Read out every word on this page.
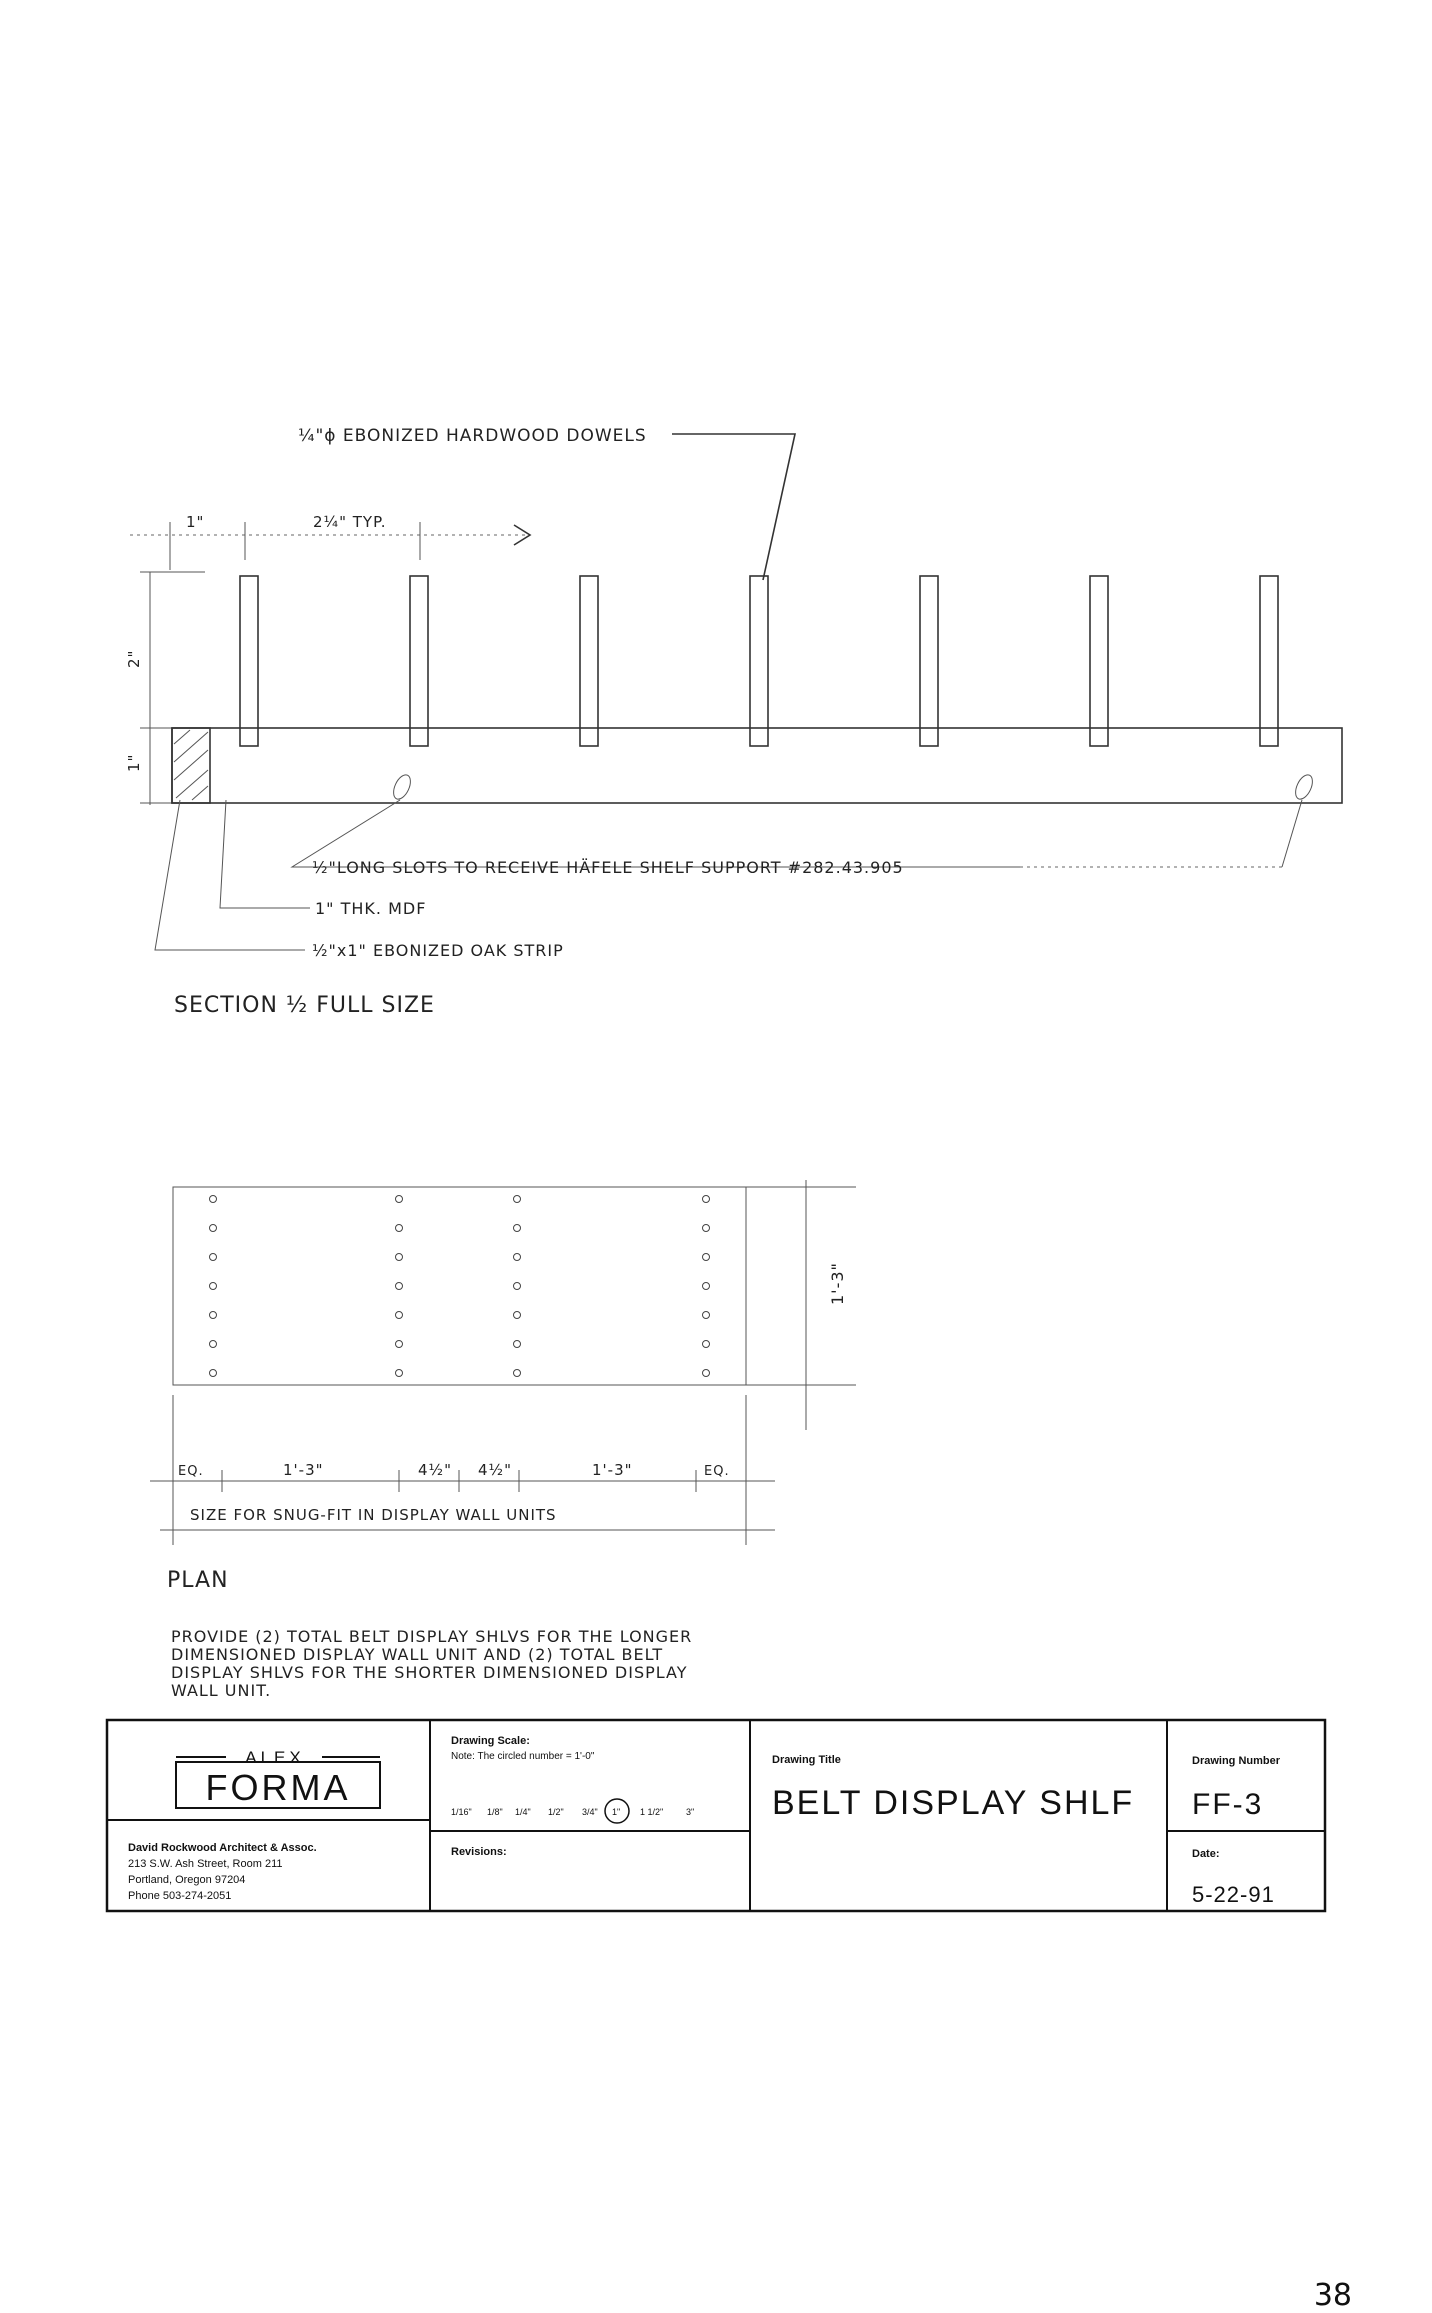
¼"ϕ EBONIZED HARDWOOD DOWELS
1"	2¼" TYP.
2"
1"
½"LONG SLOTS TO RECEIVE HÄFELE SHELF SUPPORT #282.43.905
1" THK. MDF
½"x1" EBONIZED OAK STRIP
SECTION ½ FULL SIZE
1'-3"
EQ.	1'-3"	4½" 4½"	1'-3"	EQ.
SIZE FOR SNUG-FIT IN DISPLAY WALL UNITS
PLAN
PROVIDE (2) TOTAL BELT DISPLAY SHLVS FOR THE LONGER
DIMENSIONED DISPLAY WALL UNIT AND (2) TOTAL BELT
DISPLAY SHLVS FOR THE SHORTER DIMENSIONED DISPLAY
WALL UNIT.
ALEX
FORMA
David Rockwood Architect & Assoc.
213 S.W. Ash Street, Room 211
Portland, Oregon 97204
Phone 503-274-2051
Drawing Scale:
Note: The circled number = 1'-0"
1/16" 1/8" 1/4" 1/2" 3/4" 1" 1 1/2"	3"
Revisions:
Drawing Title
BELT DISPLAY SHLF
Drawing Number
FF-3
Date:
5-22-91
38
